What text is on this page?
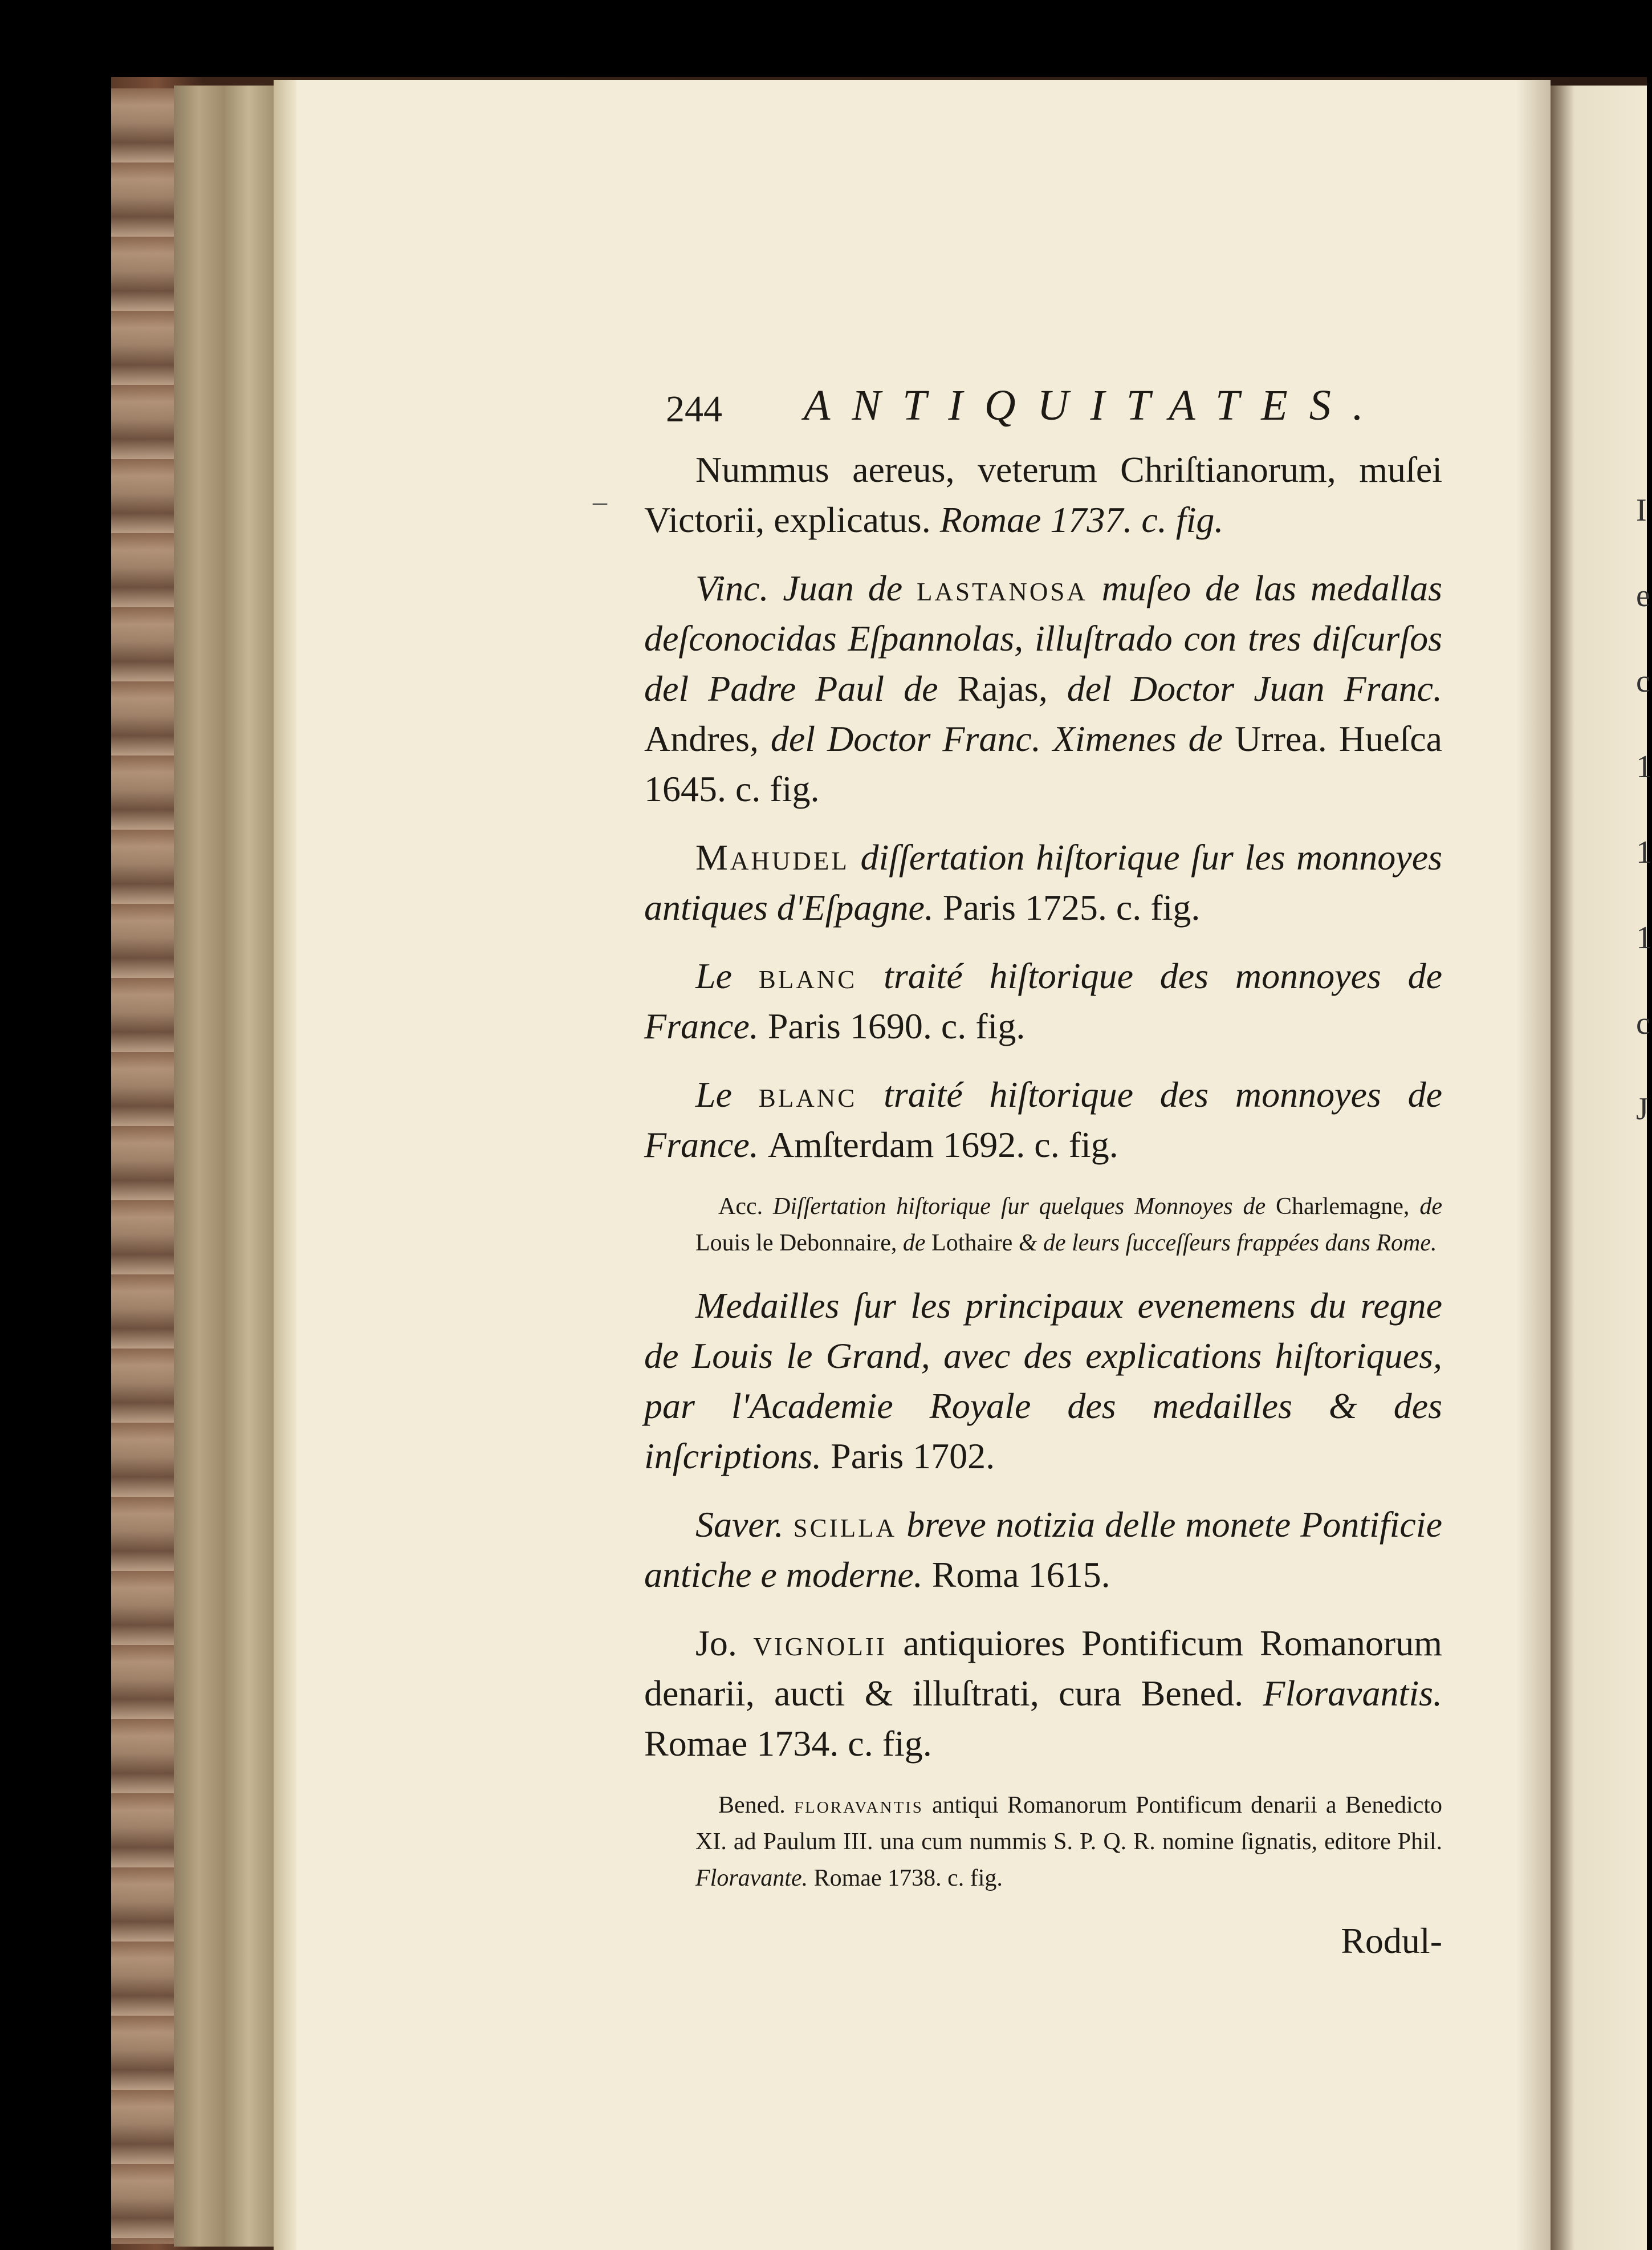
I
e
c
1
1
1
c
J
–
244 ANTIQUITATES.

Nummus aereus, veterum Chriſtianorum, muſei Victorii, explicatus. Romae 1737. c. fig.

Vinc. Juan de lastanosa muſeo de las medallas deſconocidas Eſpannolas, illuſtrado con tres diſcurſos del Padre Paul de Rajas, del Doctor Juan Franc. Andres, del Doctor Franc. Ximenes de Urrea. Hueſca 1645. c. fig.

Mahudel diſſertation hiſtorique ſur les monnoyes antiques d'Eſpagne. Paris 1725. c. fig.

Le blanc traité hiſtorique des monnoyes de France. Paris 1690. c. fig.

Le blanc traité hiſtorique des monnoyes de France. Amſterdam 1692. c. fig.

Acc. Diſſertation hiſtorique ſur quelques Monnoyes de Charlemagne, de Louis le Debonnaire, de Lothaire & de leurs ſucceſſeurs frappées dans Rome.

Medailles ſur les principaux evenemens du regne de Louis le Grand, avec des explications hiſtoriques, par l'Academie Royale des medailles & des inſcriptions. Paris 1702.

Saver. scilla breve notizia delle monete Pontificie antiche e moderne. Roma 1615.

Jo. vignolii antiquiores Pontificum Romanorum denarii, aucti & illuſtrati, cura Bened. Floravantis. Romae 1734. c. fig.

Bened. floravantis antiqui Romanorum Pontificum denarii a Benedicto XI. ad Paulum III. una cum nummis S. P. Q. R. nomine ſignatis, editore Phil. Floravante. Romae 1738. c. fig.
Rodul-
